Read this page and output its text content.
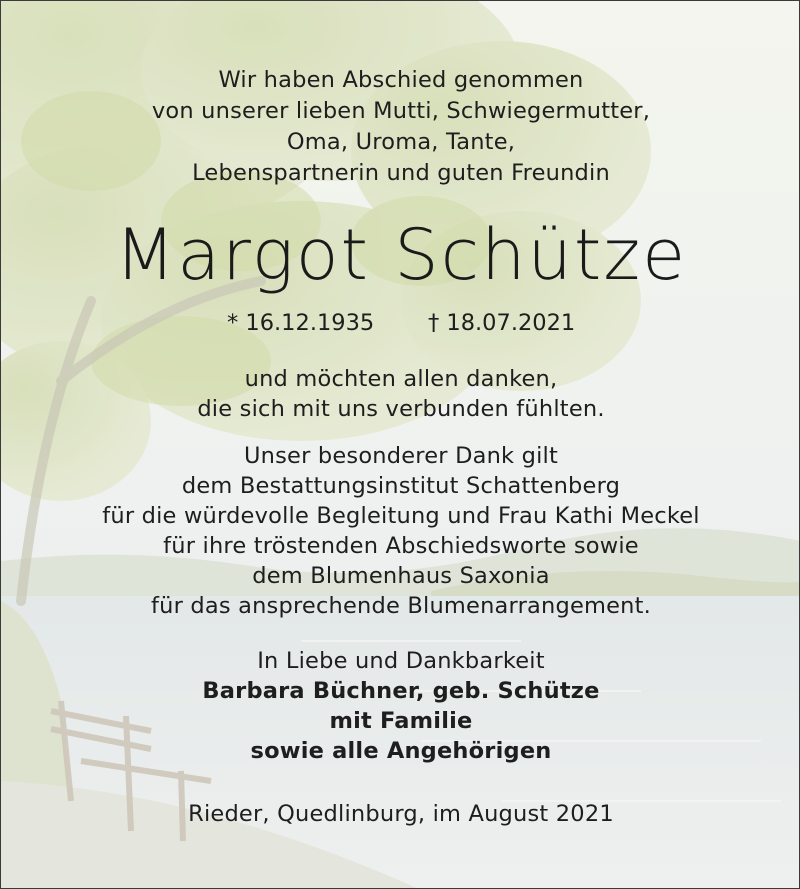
Wir haben Abschied genommen
von unserer lieben Mutti, Schwiegermutter,
Oma, Uroma, Tante,
Lebenspartnerin und guten Freundin
Margot Schütze
* 16.12.1935 † 18.07.2021
und möchten allen danken,
die sich mit uns verbunden fühlten.
Unser besonderer Dank gilt
dem Bestattungsinstitut Schattenberg
für die würdevolle Begleitung und Frau Kathi Meckel
für ihre tröstenden Abschiedsworte sowie
dem Blumenhaus Saxonia
für das ansprechende Blumenarrangement.
In Liebe und Dankbarkeit
Barbara Büchner, geb. Schütze
mit Familie
sowie alle Angehörigen
Rieder, Quedlinburg, im August 2021
